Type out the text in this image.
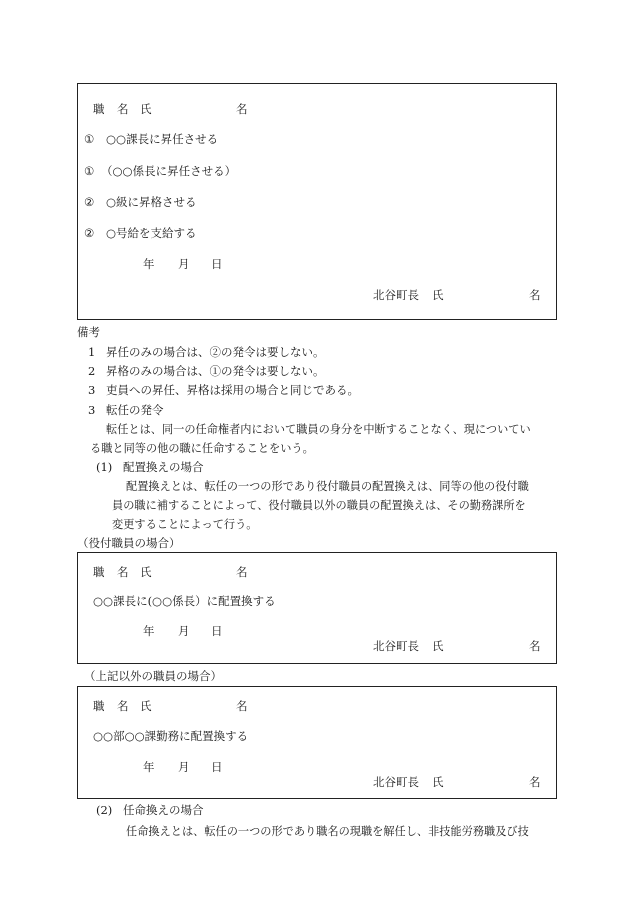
職 名 氏	名
① ○○課長に昇任させる
① （○○係長に昇任させる）
② ○級に昇格させる
② ○号給を支給する
年 月 日
北谷町長 氏	名
備考
1 昇任のみの場合は、②の発令は要しない。
2 昇格のみの場合は、①の発令は要しない。
3 吏員への昇任、昇格は採用の場合と同じである。
3 転任の発令
転任とは、同一の任命権者内において職員の身分を中断することなく、現についてい
る職と同等の他の職に任命することをいう。
(1) 配置換えの場合
配置換えとは、転任の一つの形であり役付職員の配置換えは、同等の他の役付職
員の職に補することによって、役付職員以外の職員の配置換えは、その勤務課所を
変更することによって行う。
（役付職員の場合）
職 名 氏	名
○○課長に(○○係長）に配置換する
年 月 日
北谷町長 氏	名
（上記以外の職員の場合）
職 名 氏	名
○○部○○課勤務に配置換する
年 月 日
北谷町長 氏	名
(2) 任命換えの場合
任命換えとは、転任の一つの形であり職名の現職を解任し、非技能労務職及び技
